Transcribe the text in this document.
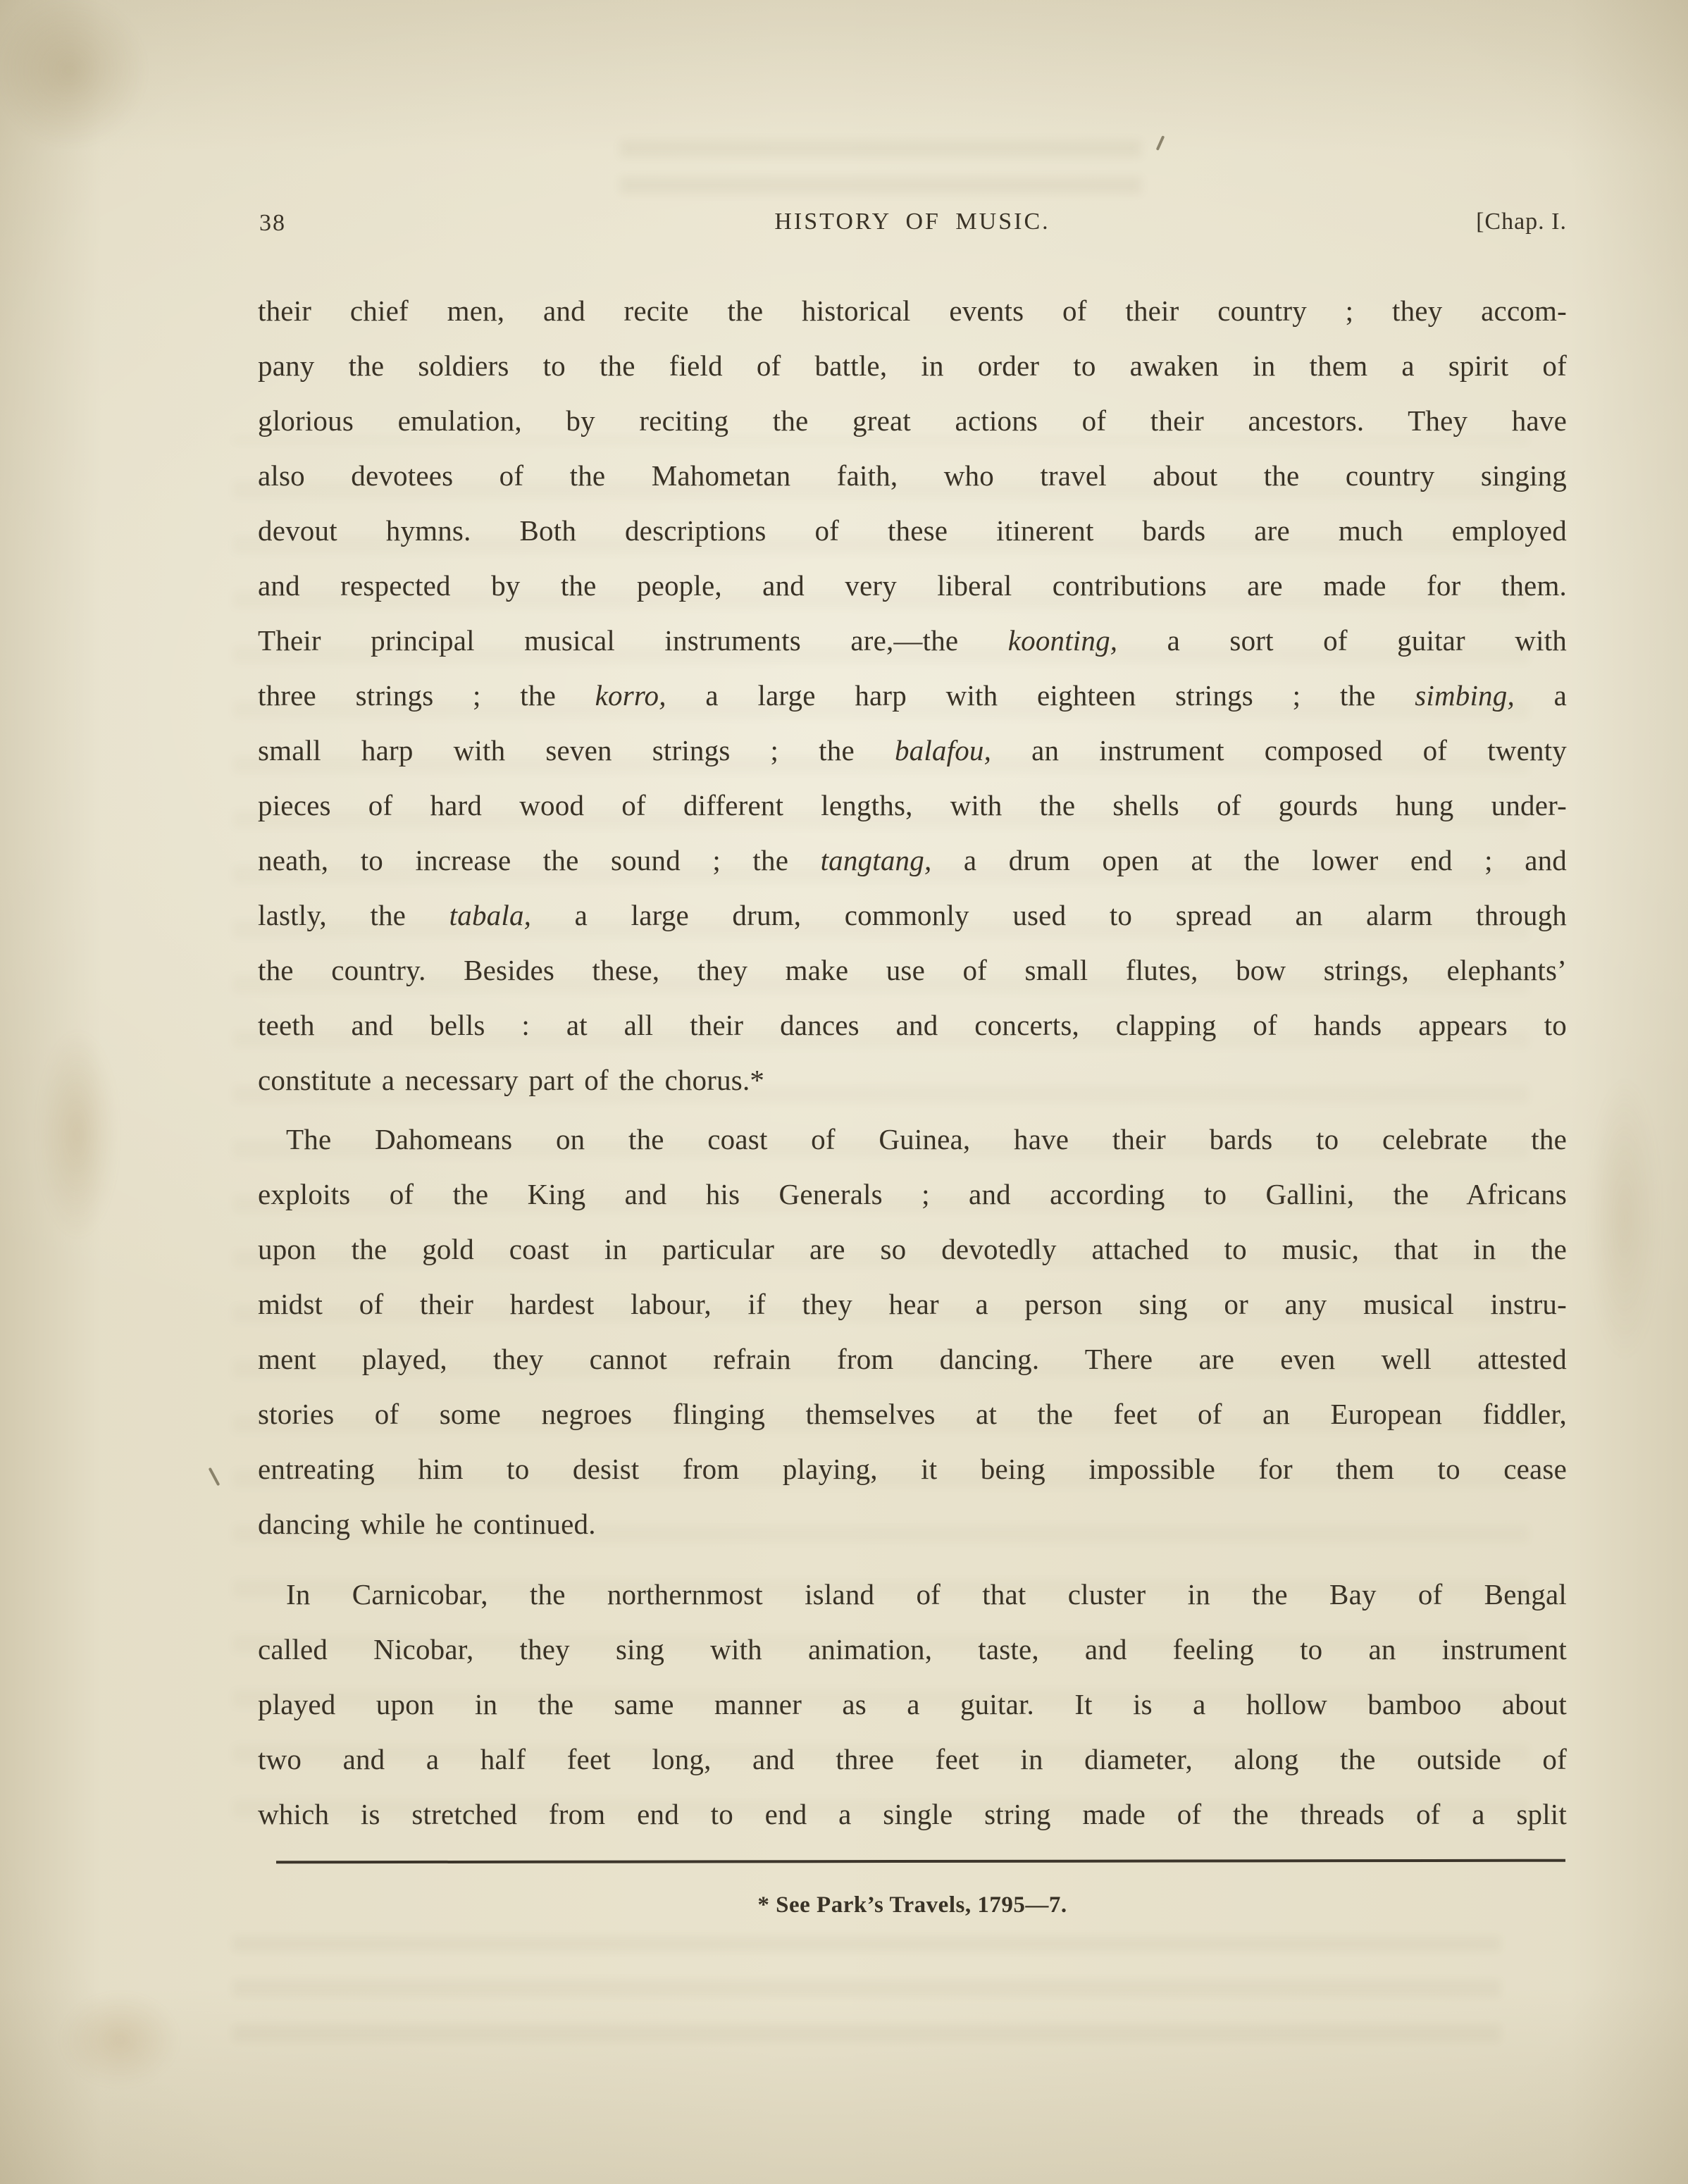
38	HISTORY OF MUSIC.	[Chap. I.
their chief men, and recite the historical events of their country ; they accom-
pany the soldiers to the field of battle, in order to awaken in them a spirit of
glorious emulation, by reciting the great actions of their ancestors. They have
also devotees of the Mahometan faith, who travel about the country singing
devout hymns. Both descriptions of these itinerent bards are much employed
and respected by the people, and very liberal contributions are made for them.
Their principal musical instruments are,—the koonting, a sort of guitar with
three strings ; the korro, a large harp with eighteen strings ; the simbing, a
small harp with seven strings ; the balafou, an instrument composed of twenty
pieces of hard wood of different lengths, with the shells of gourds hung under-
neath, to increase the sound ; the tangtang, a drum open at the lower end ; and
lastly, the tabala, a large drum, commonly used to spread an alarm through
the country. Besides these, they make use of small flutes, bow strings, elephants’
teeth and bells : at all their dances and concerts, clapping of hands appears to
constitute a necessary part of the chorus.*
The Dahomeans on the coast of Guinea, have their bards to celebrate the
exploits of the King and his Generals ; and according to Gallini, the Africans
upon the gold coast in particular are so devotedly attached to music, that in the
midst of their hardest labour, if they hear a person sing or any musical instru-
ment played, they cannot refrain from dancing. There are even well attested
stories of some negroes flinging themselves at the feet of an European fiddler,
entreating him to desist from playing, it being impossible for them to cease
dancing while he continued.
In Carnicobar, the northernmost island of that cluster in the Bay of Bengal
called Nicobar, they sing with animation, taste, and feeling to an instrument
played upon in the same manner as a guitar. It is a hollow bamboo about
two and a half feet long, and three feet in diameter, along the outside of
which is stretched from end to end a single string made of the threads of a split
* See Park’s Travels, 1795—7.
